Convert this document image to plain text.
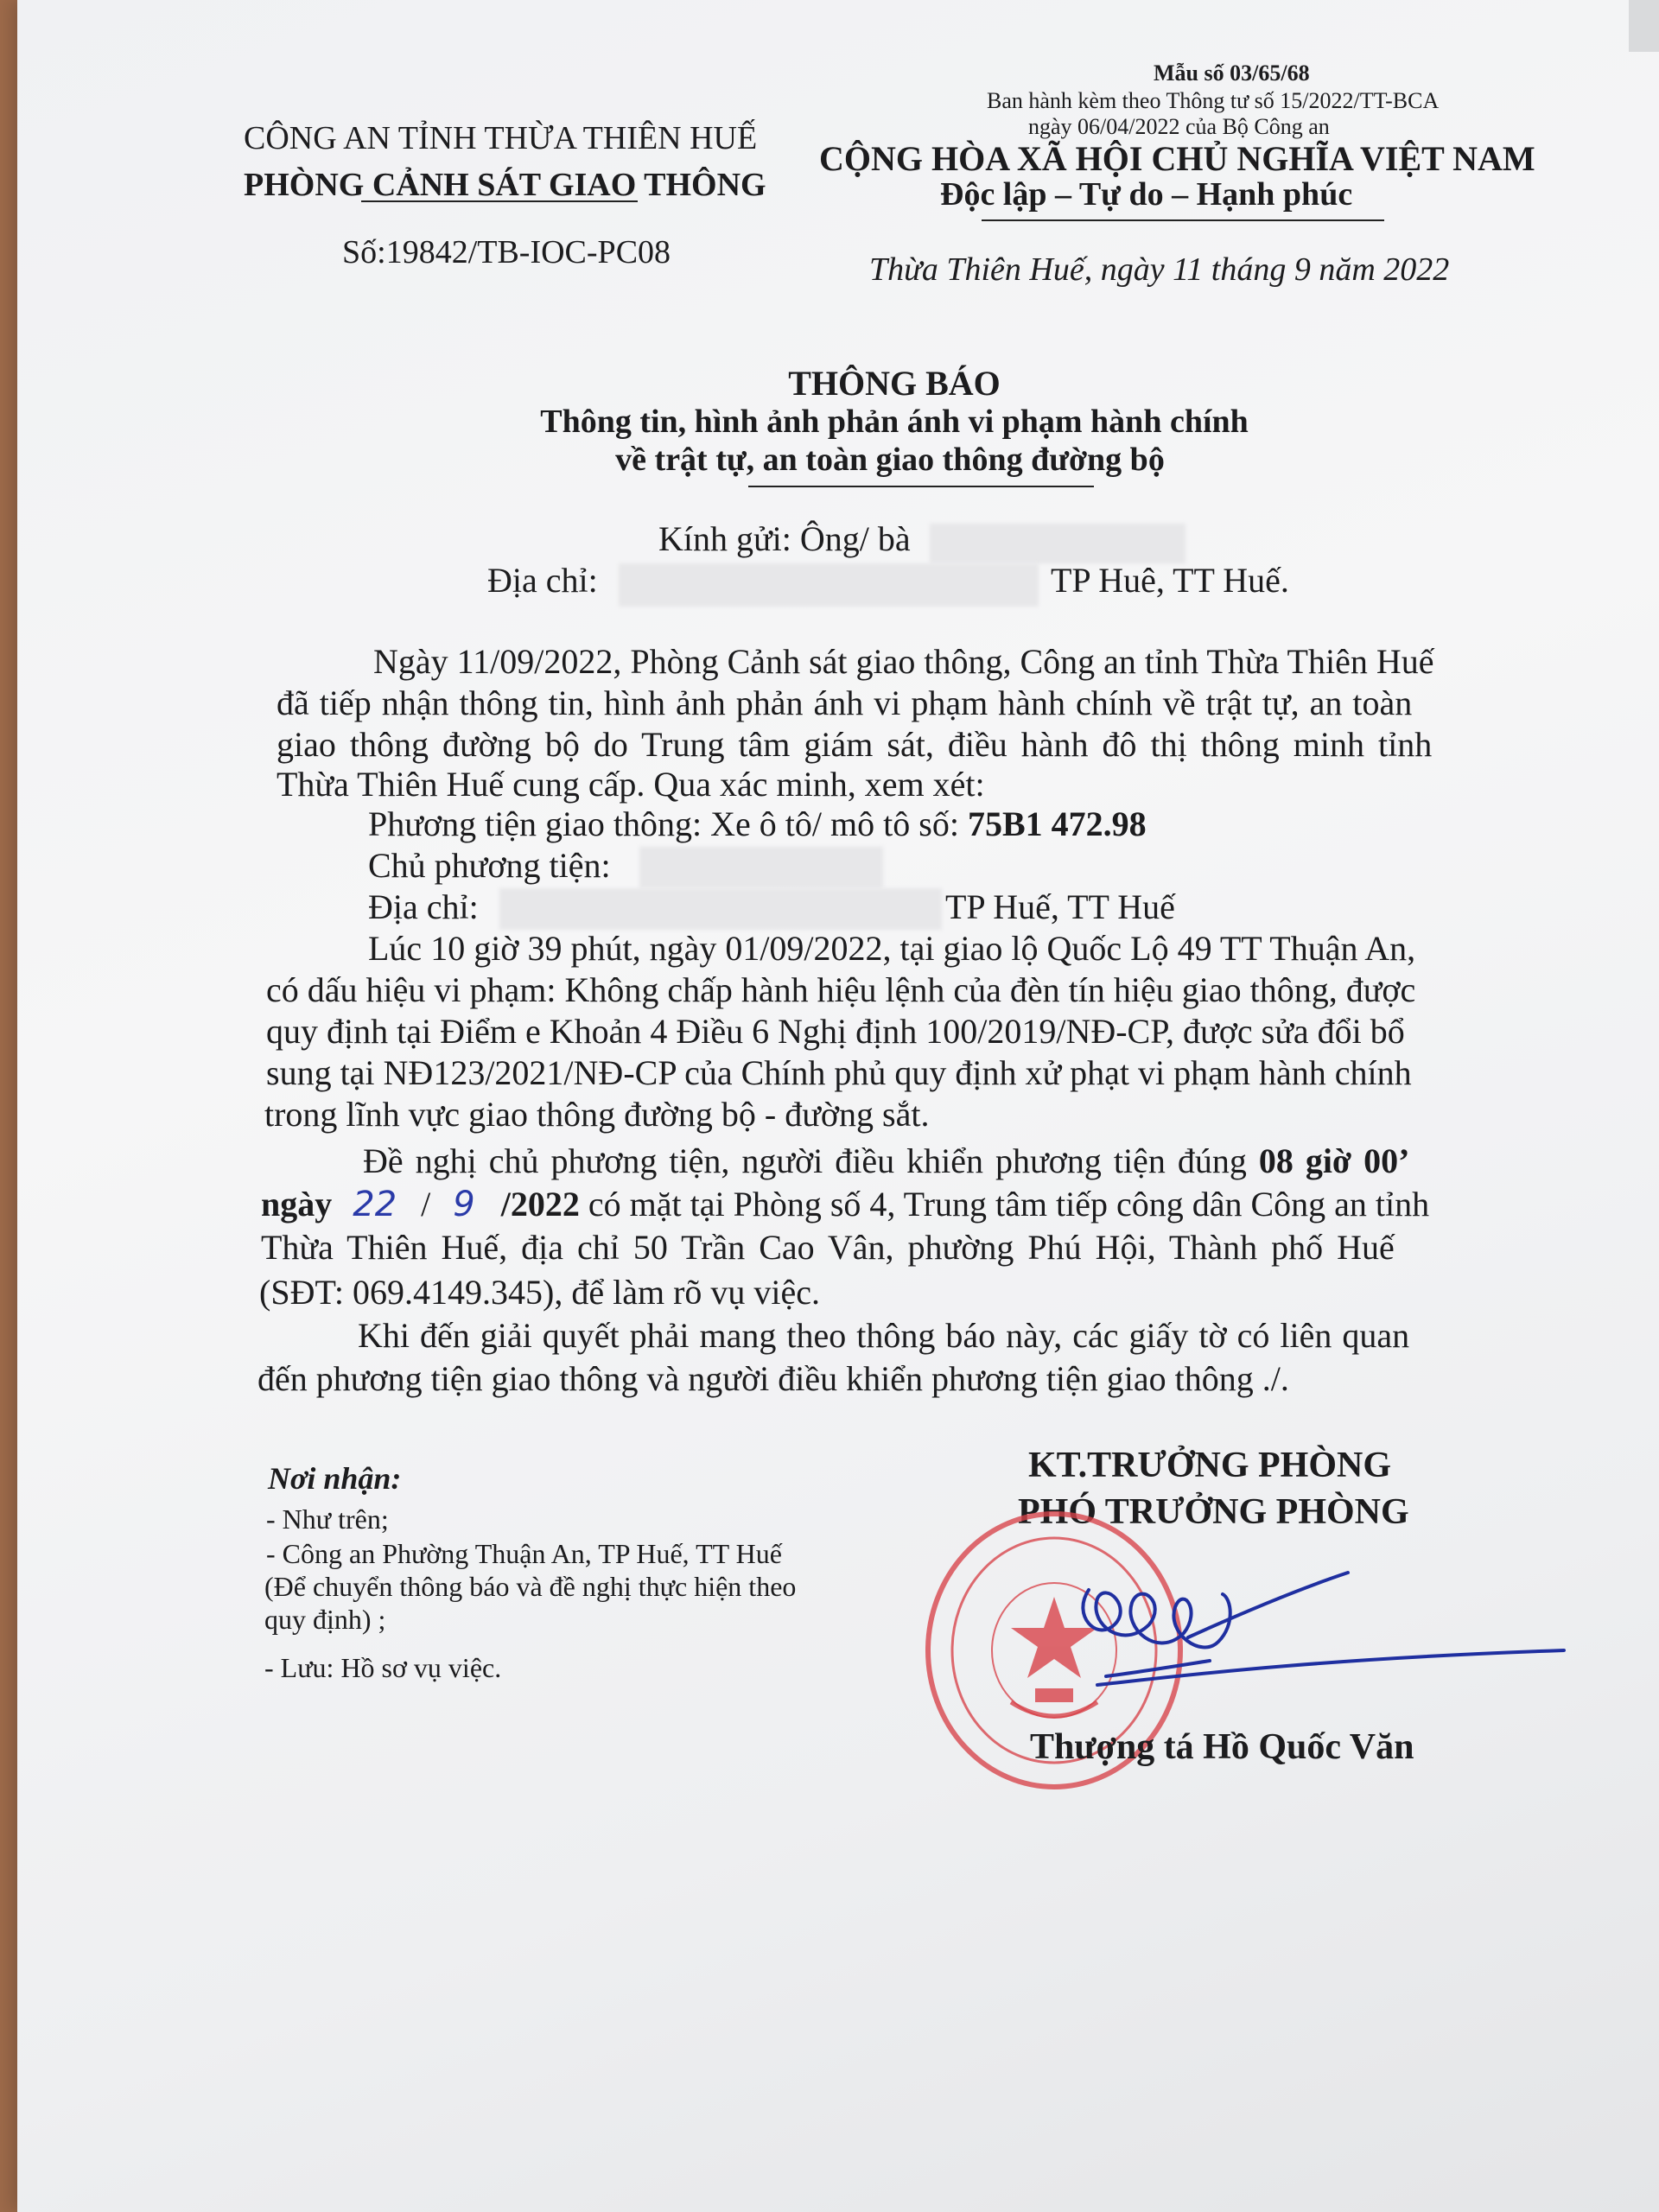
Mẫu số 03/65/68
Ban hành kèm theo Thông tư số 15/2022/TT-BCA
ngày 06/04/2022 của Bộ Công an
CÔNG AN TỈNH THỪA THIÊN HUẾ
PHÒNG CẢNH SÁT GIAO THÔNG
CỘNG HÒA XÃ HỘI CHỦ NGHĨA VIỆT NAM
Độc lập – Tự do – Hạnh phúc
Số:19842/TB-IOC-PC08	Thừa Thiên Huế, ngày 11 tháng 9 năm 2022
THÔNG BÁO
Thông tin, hình ảnh phản ánh vi phạm hành chính
về trật tự, an toàn giao thông đường bộ
Kính gửi: Ông/ bà
Địa chỉ:	TP Huê, TT Huế.
Ngày 11/09/2022, Phòng Cảnh sát giao thông, Công an tỉnh Thừa Thiên Huế
đã tiếp nhận thông tin, hình ảnh phản ánh vi phạm hành chính về trật tự, an toàn
giao thông đường bộ do Trung tâm giám sát, điều hành đô thị thông minh tỉnh
Thừa Thiên Huế cung cấp. Qua xác minh, xem xét:
Phương tiện giao thông: Xe ô tô/ mô tô số: 75B1 472.98
Chủ phương tiện:
Địa chỉ:	TP Huế, TT Huế
Lúc 10 giờ 39 phút, ngày 01/09/2022, tại giao lộ Quốc Lộ 49 TT Thuận An,
có dấu hiệu vi phạm: Không chấp hành hiệu lệnh của đèn tín hiệu giao thông, được
quy định tại Điểm e Khoản 4 Điều 6 Nghị định 100/2019/NĐ-CP, được sửa đổi bổ
sung tại NĐ123/2021/NĐ-CP của Chính phủ quy định xử phạt vi phạm hành chính
trong lĩnh vực giao thông đường bộ - đường sắt.
Đề nghị chủ phương tiện, người điều khiển phương tiện đúng 08 giờ 00’
ngày 22 / 9 /2022 có mặt tại Phòng số 4, Trung tâm tiếp công dân Công an tỉnh
Thừa Thiên Huế, địa chỉ 50 Trần Cao Vân, phường Phú Hội, Thành phố Huế
(SĐT: 069.4149.345), để làm rõ vụ việc.
Khi đến giải quyết phải mang theo thông báo này, các giấy tờ có liên quan
đến phương tiện giao thông và người điều khiển phương tiện giao thông ./.
Nơi nhận:
- Như trên;
- Công an Phường Thuận An, TP Huế, TT Huế
(Để chuyển thông báo và đề nghị thực hiện theo
quy định) ;
- Lưu: Hồ sơ vụ việc.
KT.TRƯỞNG PHÒNG
PHÓ TRƯỞNG PHÒNG
Thượng tá Hồ Quốc Văn
